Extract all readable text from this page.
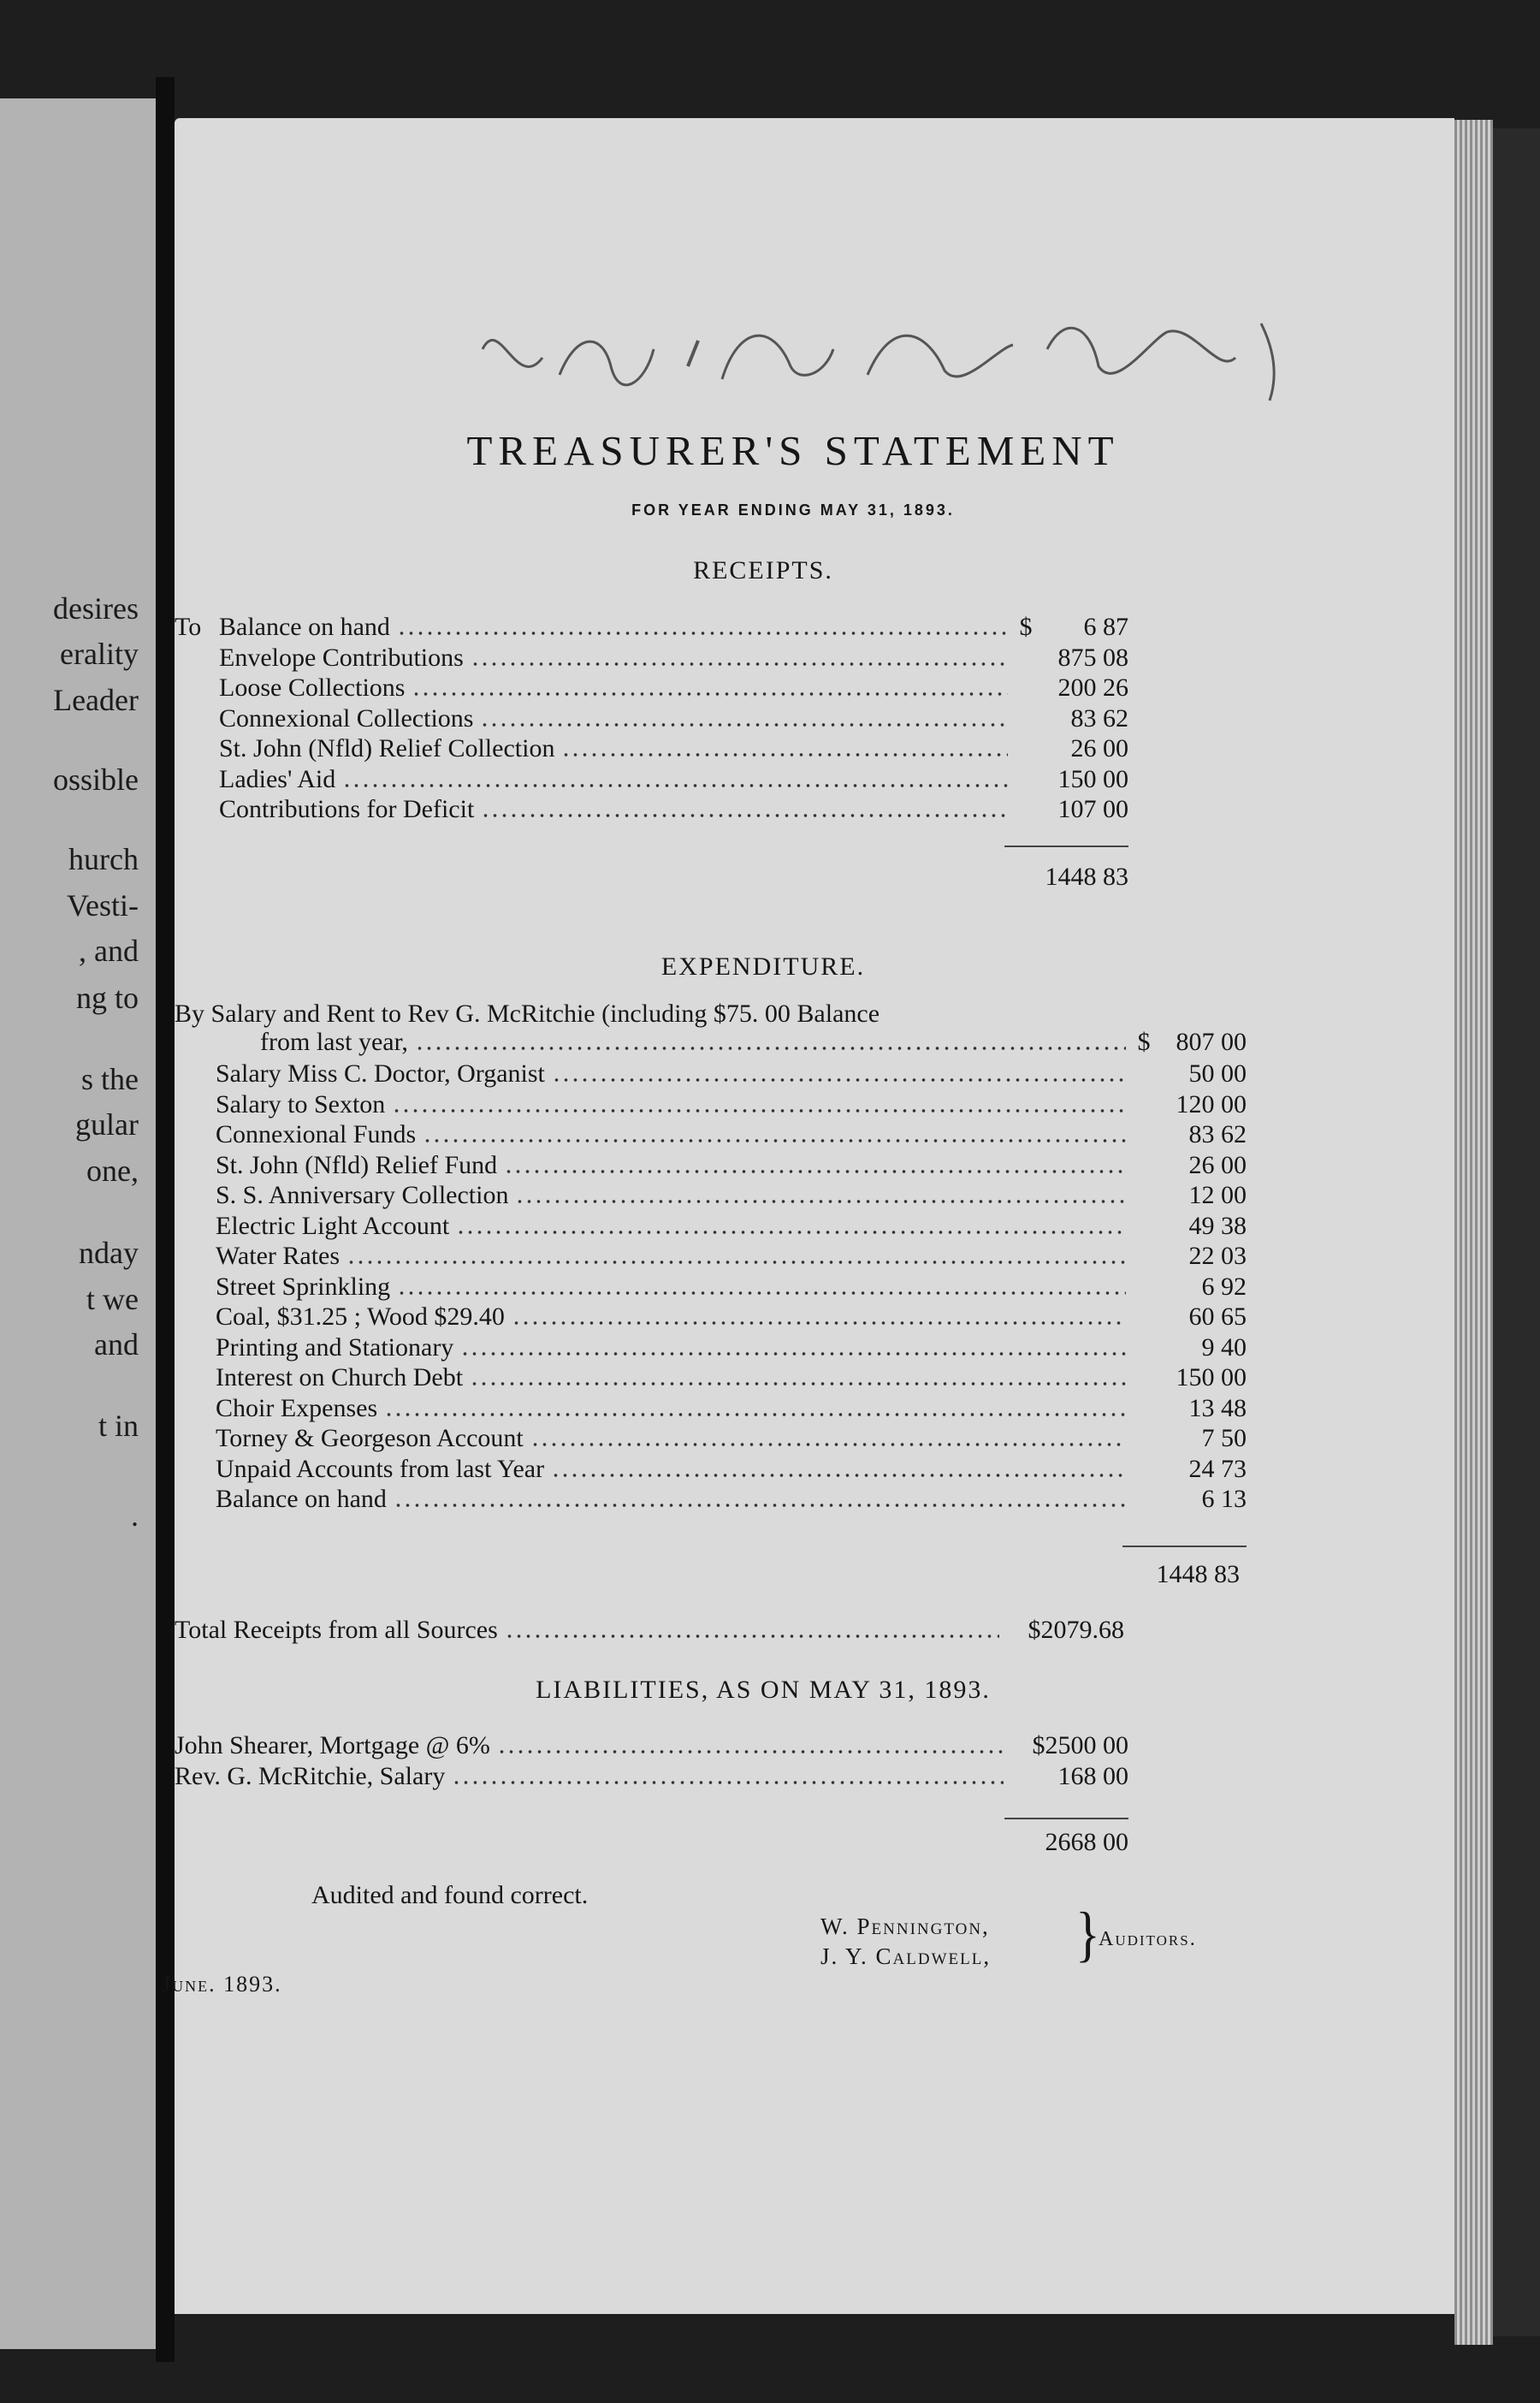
desires
erality
Leader
ossible
hurch
Vesti-
, and
ng to
s the
gular
one,
nday
t we
and
t in
.
TREASURER'S STATEMENT
FOR YEAR ENDING MAY 31, 1893.
RECEIPTS.
To Balance on hand	$	6 87
Envelope Contributions	875 08
Loose Collections	200 26
Connexional Collections	83 62
St. John (Nfld) Relief Collection	26 00
Ladies' Aid	150 00
Contributions for Deficit	107 00
1448 83
EXPENDITURE.
By Salary and Rent to Rev G. McRitchie (including $75. 00 Balance
from last year,	$	807 00
Salary Miss C. Doctor, Organist	50 00
Salary to Sexton	120 00
Connexional Funds	83 62
St. John (Nfld) Relief Fund	26 00
S. S. Anniversary Collection	12 00
Electric Light Account	49 38
Water Rates	22 03
Street Sprinkling	6 92
Coal, $31.25 ; Wood $29.40	60 65
Printing and Stationary	9 40
Interest on Church Debt	150 00
Choir Expenses	13 48
Torney & Georgeson Account	7 50
Unpaid Accounts from last Year	24 73
Balance on hand	6 13
1448 83
Total Receipts from all Sources	$2079.68
LIABILITIES, AS ON MAY 31, 1893.
John Shearer, Mortgage @ 6%	$2500 00
Rev. G. McRitchie, Salary	168 00
2668 00
Audited and found correct.
W. Pennington,
J. Y. Caldwell, }
Auditors.
June. 1893.
